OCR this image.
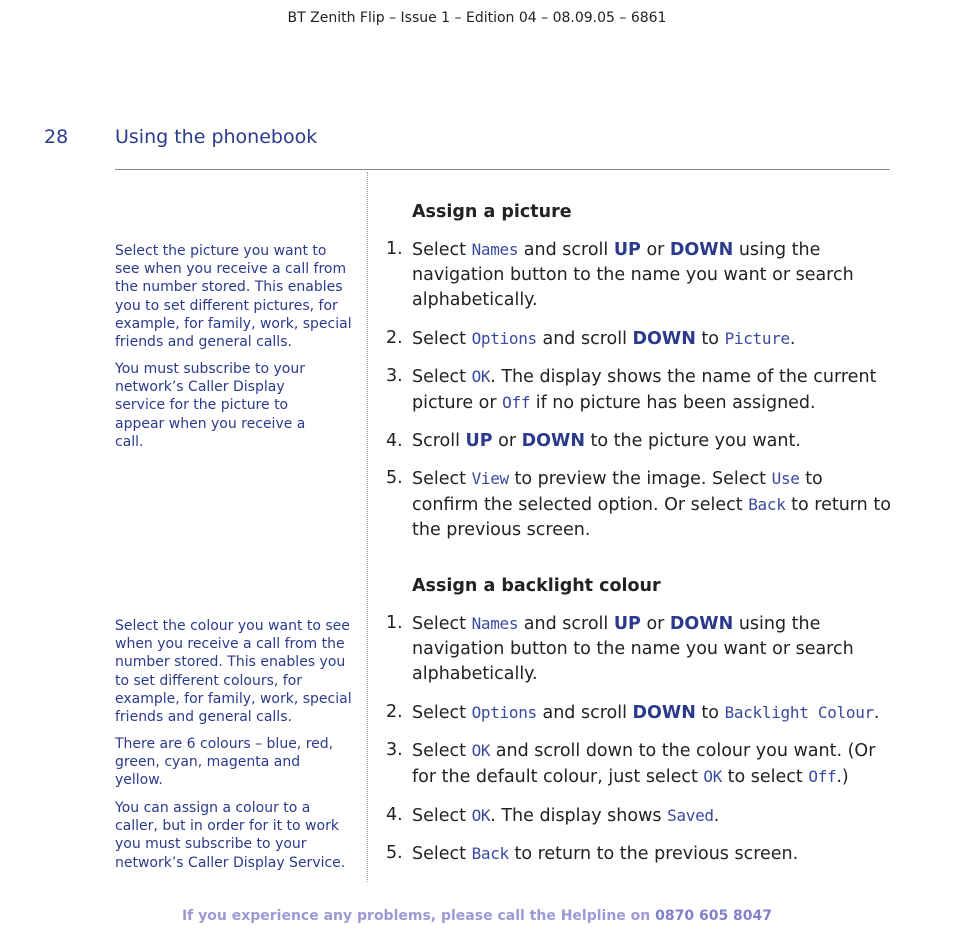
BT Zenith Flip – Issue 1 – Edition 04 – 08.09.05 – 6861
28 Using the phonebook

Select the picture you want to see when you receive a call from the number stored. This enables you to set different pictures, for example, for family, work, special friends and general calls.

You must subscribe to your network’s Caller Display service for the picture to appear when you receive a call.

Select the colour you want to see when you receive a call from the number stored. This enables you to set different colours, for example, for family, work, special friends and general calls.

There are 6 colours – blue, red, green, cyan, magenta and yellow.

You can assign a colour to a caller, but in order for it to work you must subscribe to your network’s Caller Display Service.

Assign a picture
1. Select Names and scroll UP or DOWN using the navigation button to the name you want or search alphabetically.
2. Select Options and scroll DOWN to Picture.
3. Select OK. The display shows the name of the current picture or Off if no picture has been assigned.
4. Scroll UP or DOWN to the picture you want.
5. Select View to preview the image. Select Use to confirm the selected option. Or select Back to return to the previous screen.
Assign a backlight colour
1. Select Names and scroll UP or DOWN using the navigation button to the name you want or search alphabetically.
2. Select Options and scroll DOWN to Backlight Colour.
3. Select OK and scroll down to the colour you want. (Or for the default colour, just select OK to select Off.)
4. Select OK. The display shows Saved.
5. Select Back to return to the previous screen.
If you experience any problems, please call the Helpline on 0870 605 8047
